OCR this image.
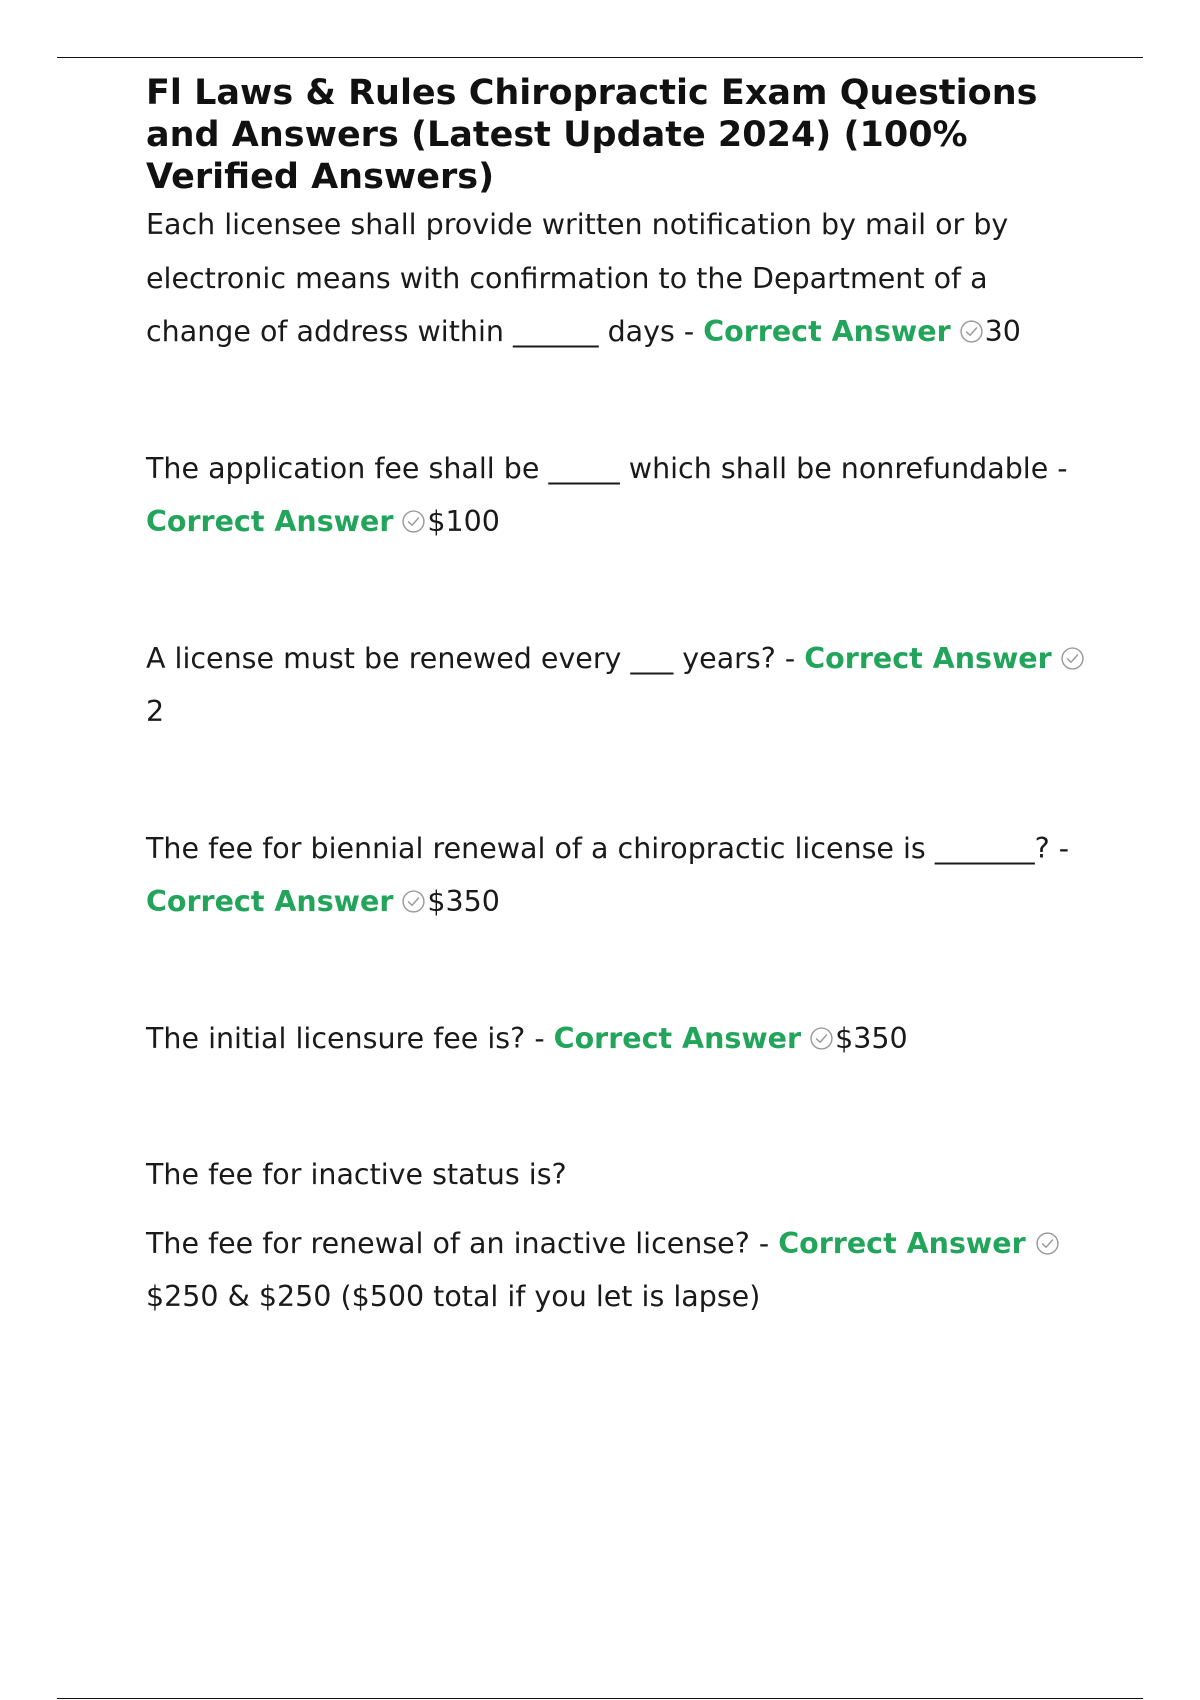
Fl Laws & Rules Chiropractic Exam Questions and Answers (Latest Update 2024) (100% Verified Answers)

Each licensee shall provide written notification by mail or by electronic means with confirmation to the Department of a change of address within ______ days - Correct Answer 30

The application fee shall be _____ which shall be nonrefundable - Correct Answer $100

A license must be renewed every ___ years? - Correct Answer2

The fee for biennial renewal of a chiropractic license is _______? - Correct Answer $350

The initial licensure fee is? - Correct Answer $350

The fee for inactive status is?

The fee for renewal of an inactive license? - Correct Answer $250 & $250 ($500 total if you let is lapse)
